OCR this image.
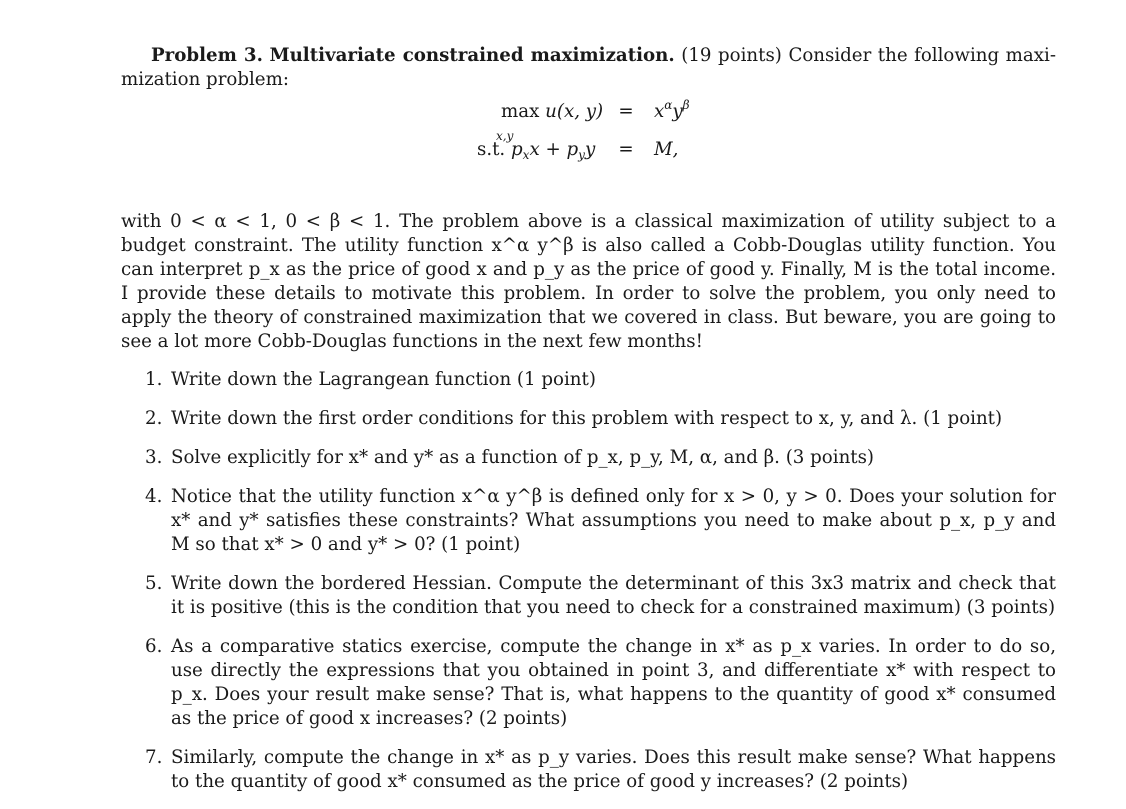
Problem 3. Multivariate constrained maximization. (19 points) Consider the following maxi-mization problem:
max u(x, y)
x,y
=	$x^\alpha y^\beta$
s.t. $p_xx + p_yy$	=	M,
with 0 < α < 1, 0 < β < 1. The problem above is a classical maximization of utility subject to a budget constraint. The utility function x^α y^β is also called a Cobb-Douglas utility function. You can interpret p_x as the price of good x and p_y as the price of good y. Finally, M is the total income. I provide these details to motivate this problem. In order to solve the problem, you only need to apply the theory of constrained maximization that we covered in class. But beware, you are going to see a lot more Cobb-Douglas functions in the next few months!
1. Write down the Lagrangean function (1 point)
2. Write down the first order conditions for this problem with respect to x, y, and λ. (1 point)
3. Solve explicitly for x* and y* as a function of p_x, p_y, M, α, and β. (3 points)
4. Notice that the utility function x^α y^β is defined only for x > 0, y > 0. Does your solution for x* and y* satisfies these constraints? What assumptions you need to make about p_x, p_y and M so that x* > 0 and y* > 0? (1 point)
5. Write down the bordered Hessian. Compute the determinant of this 3x3 matrix and check that it is positive (this is the condition that you need to check for a constrained maximum) (3 points)
6. As a comparative statics exercise, compute the change in x* as p_x varies. In order to do so, use directly the expressions that you obtained in point 3, and differentiate x* with respect to p_x. Does your result make sense? That is, what happens to the quantity of good x* consumed as the price of good x increases? (2 points)
7. Similarly, compute the change in x* as p_y varies. Does this result make sense? What happens to the quantity of good x* consumed as the price of good y increases? (2 points)
